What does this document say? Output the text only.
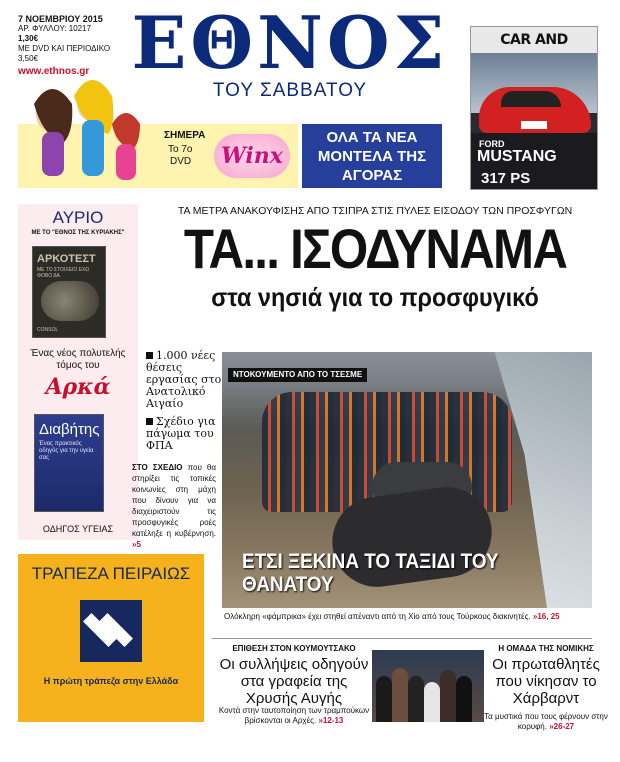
7 ΝΟΕΜΒΡΙΟΥ 2015
ΑΡ. ΦΥΛΛΟΥ: 10217
1,30€
ΜΕ DVD ΚΑΙ ΠΕΡΙΟΔΙΚΟ 3,50€
www.ethnos.gr ΕΘΝΟΣ
ΤΟΥ ΣΑΒΒΑΤΟΥ
CAR AND
FORD
MUSTANG
317 PS
ΣΗΜΕΡΑ
Το 7ο
DVD	Winx
ΟΛΑ ΤΑ ΝΕΑ ΜΟΝΤΕΛΑ ΤΗΣ ΑΓΟΡΑΣ
ΑΥΡΙΟ
ΜΕ ΤΟ "ΕΘΝΟΣ ΤΗΣ ΚΥΡΙΑΚΗΣ"
ΑΡΚΟΤΕΣΤ
ΜΕ ΤΟ ΣΤΟΙΧΕΙΟ ΕΧΩ ΦΟΒΟ ΔΑ
CONSOL
Ένας νέος πολυτελής τόμος του
Αρκά
Διαβήτης
Ένας πρακτικός οδηγός για την υγεία σας
ΟΔΗΓΟΣ ΥΓΕΙΑΣ
ΤΑ ΜΕΤΡΑ ΑΝΑΚΟΥΦΙΣΗΣ ΑΠΟ ΤΣΙΠΡΑ ΣΤΙΣ ΠΥΛΕΣ ΕΙΣΟΔΟΥ ΤΩΝ ΠΡΟΣΦΥΓΩΝ
ΤΑ... ΙΣΟΔΥΝΑΜΑ
στα νησιά για το προσφυγικό
1.000 νέες θέσεις εργασίας στο Ανατολικό Αιγαίο
Σχέδιο για πάγωμα του ΦΠΑ
ΣΤΟ ΣΧΕΔΙΟ που θα στηρίξει τις τοπικές κοινωνίες στη μάχη που δίνουν για να διαχειριστούν τις προσφυγικές ροές κατέληξε η κυβέρνηση. »5
ΝΤΟΚΟΥΜΕΝΤΟ ΑΠΟ ΤΟ ΤΣΕΣΜΕ
ΕΤΣΙ ΞΕΚΙΝΑ ΤΟ ΤΑΞΙΔΙ ΤΟΥ ΘΑΝΑΤΟΥ
Ολόκληρη «φάμπρικα» έχει στηθεί απέναντι από τη Χίο από τους Τούρκους διακινητές. »16, 25
ΤΡΑΠΕΖΑ ΠΕΙΡΑΙΩΣ
Η πρώτη τράπεζα στην Ελλάδα
ΕΠΙΘΕΣΗ ΣΤΟΝ ΚΟΥΜΟΥΤΣΑΚΟ
Οι συλλήψεις οδηγούν στα γραφεία της Χρυσής Αυγής
Κοντά στην ταυτοποίηση των τραμπούκων βρίσκονται οι Αρχές. »12-13
Η ΟΜΑΔΑ ΤΗΣ ΝΟΜΙΚΗΣ
Οι πρωταθλητές που νίκησαν το Χάρβαρντ
Τα μυστικά που τους φέρνουν στην κορυφή. »26-27
